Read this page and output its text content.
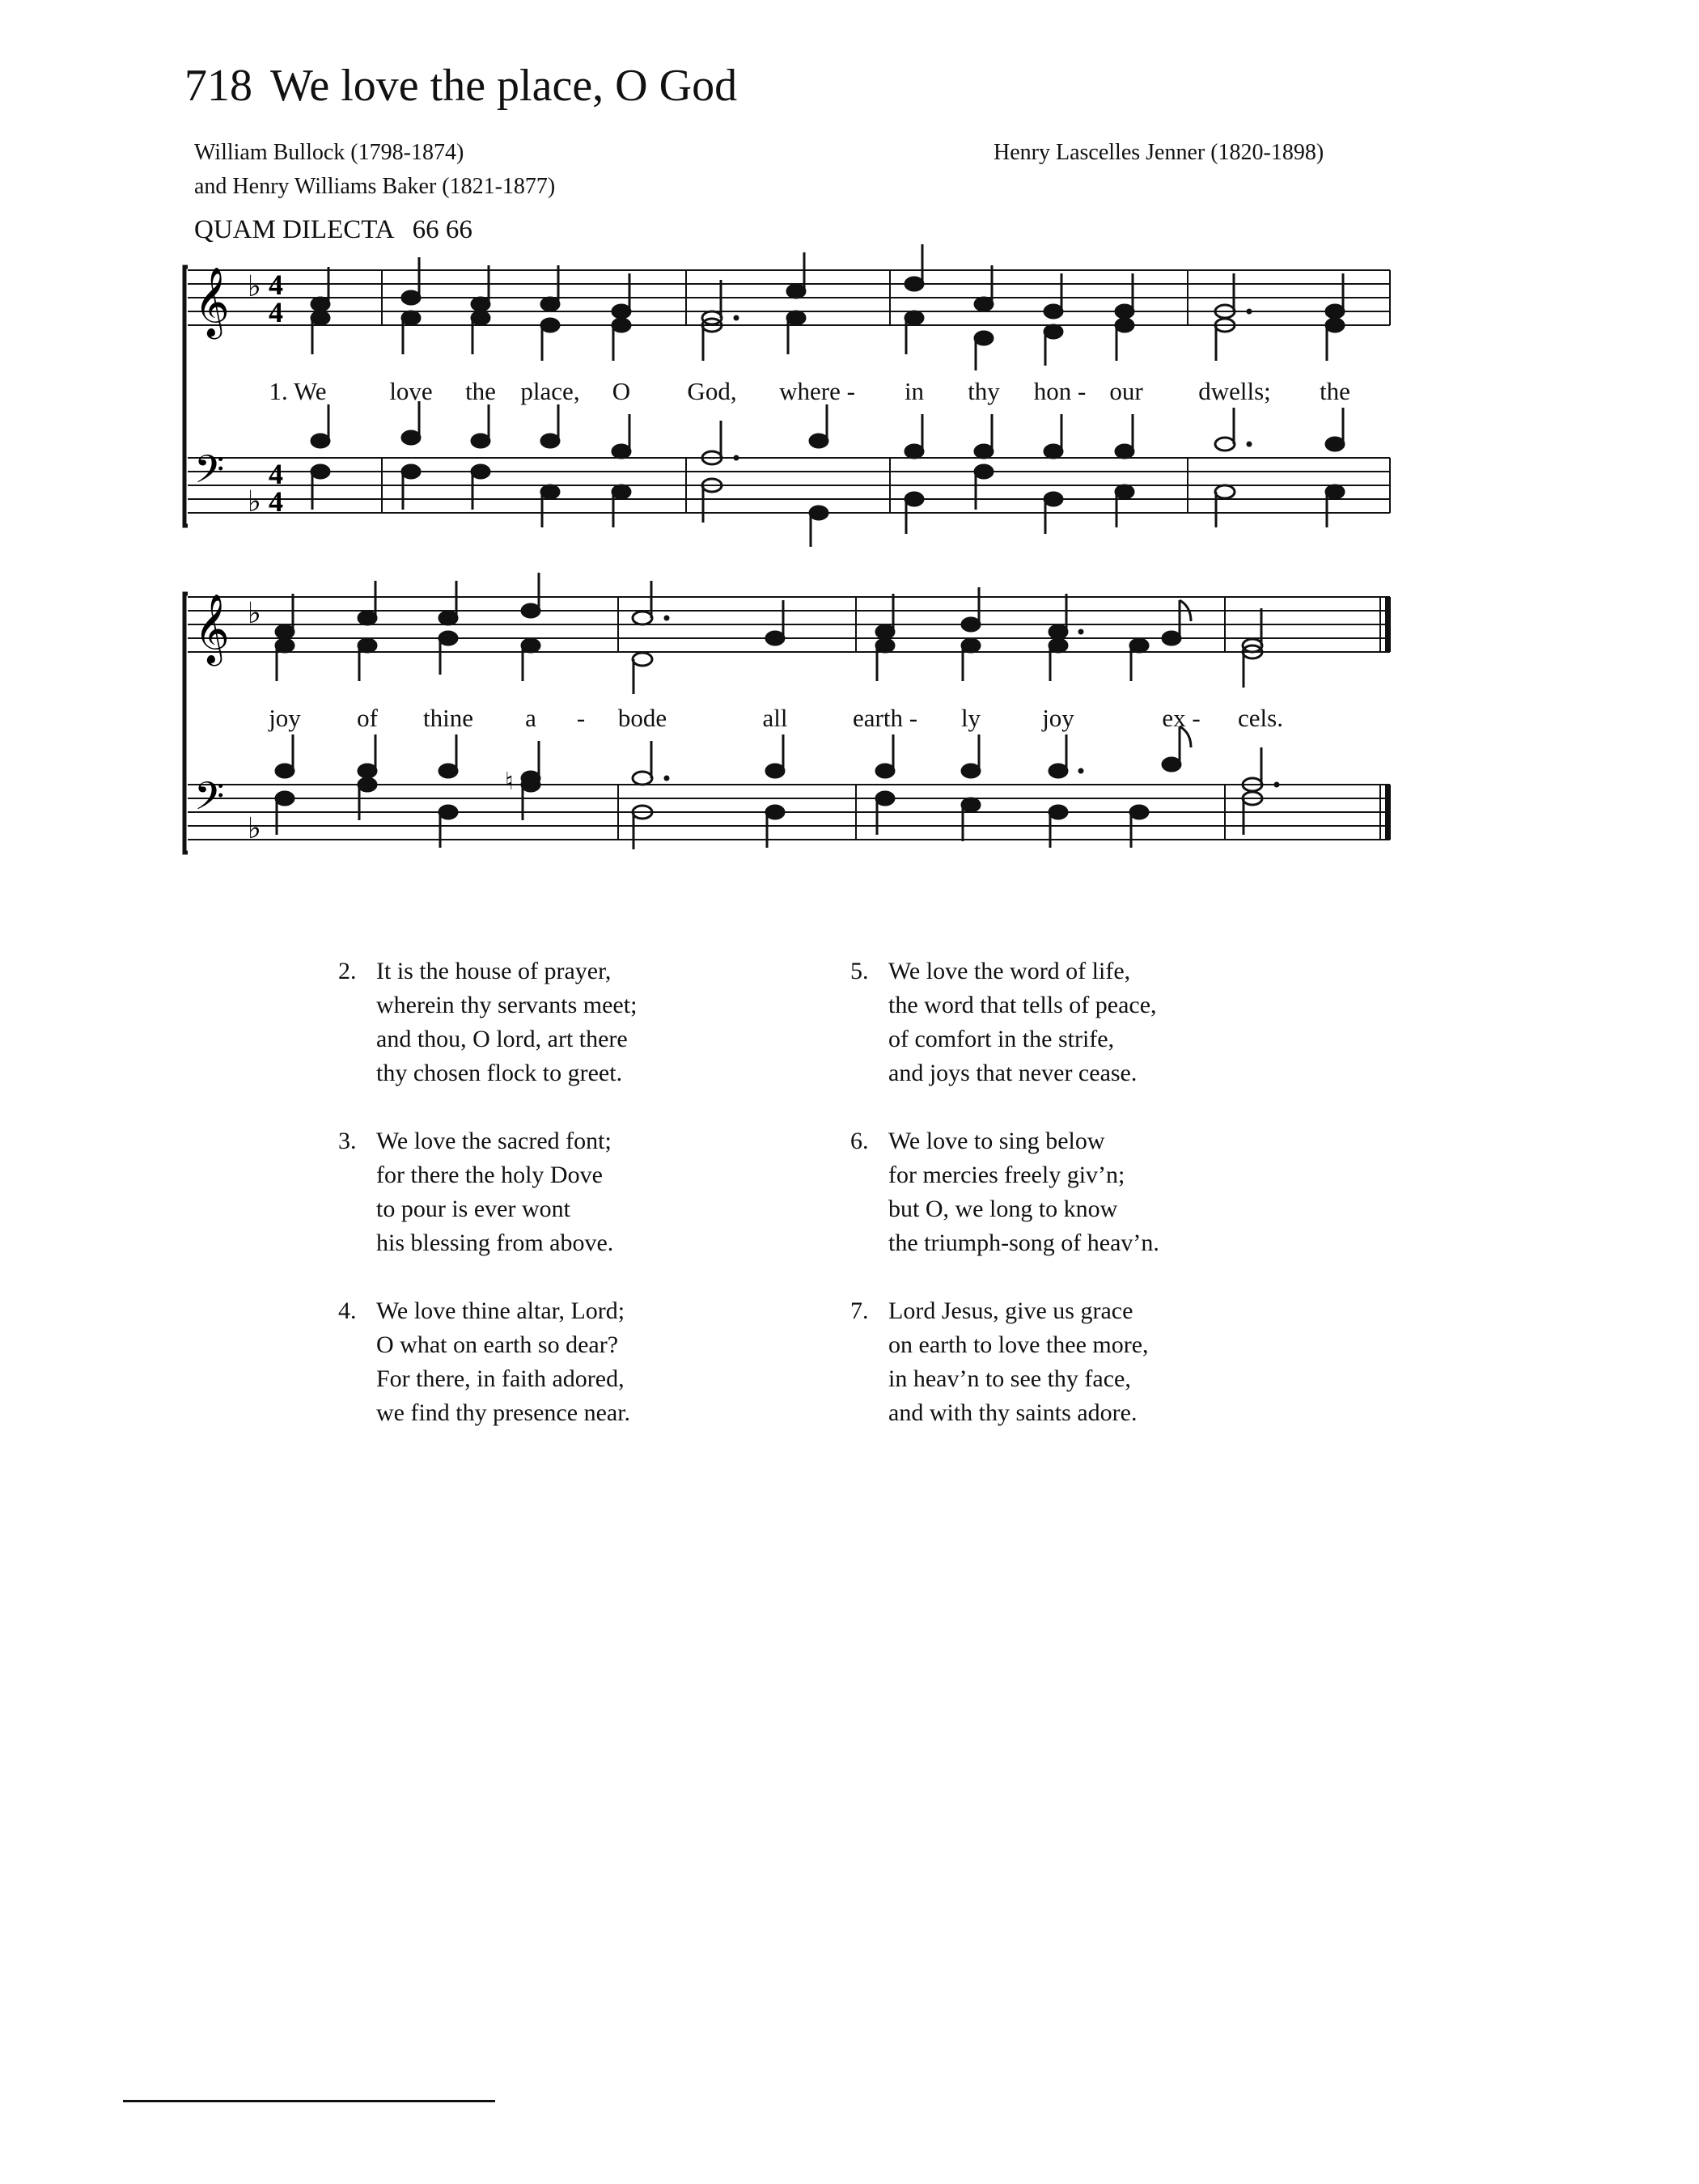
718 We love the place, O God
William Bullock (1798-1874)
and Henry Williams Baker (1821-1877)
Henry Lascelles Jenner (1820-1898)
QUAM DILECTA 66 66
𝄞
𝄢
♭
♭
4
4
4
4
1. We	love the place, O God, where - in thy hon - our dwells; the
𝄞
𝄢
♭
♭
♮
joy of thine a - bode	all	earth - ly joy	ex - cels.
2. It is the house of prayer,
wherein thy servants meet;
and thou, O lord, art there
thy chosen flock to greet.
3. We love the sacred font;
for there the holy Dove
to pour is ever wont
his blessing from above.
4. We love thine altar, Lord;
O what on earth so dear?
For there, in faith adored,
we find thy presence near.
5. We love the word of life,
the word that tells of peace,
of comfort in the strife,
and joys that never cease.
6. We love to sing below
for mercies freely giv’n;
but O, we long to know
the triumph-song of heav’n.
7. Lord Jesus, give us grace
on earth to love thee more,
in heav’n to see thy face,
and with thy saints adore.
